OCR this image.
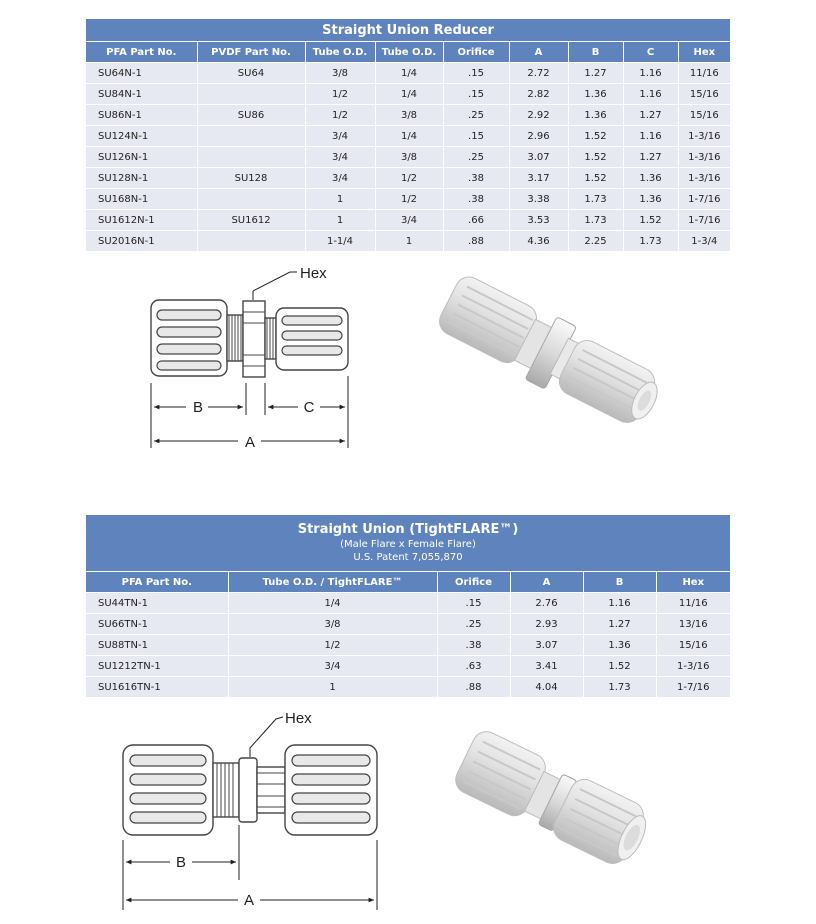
Straight Union Reducer								
PFA Part No.	PVDF Part No.	Tube O.D.	Tube O.D.	Orifice	A	B	C	Hex
SU64N-1	SU64	3/8	1/4	.15	2.72	1.27	1.16	11/16
SU84N-1		1/2	1/4	.15	2.82	1.36	1.16	15/16
SU86N-1	SU86	1/2	3/8	.25	2.92	1.36	1.27	15/16
SU124N-1		3/4	1/4	.15	2.96	1.52	1.16	1-3/16
SU126N-1		3/4	3/8	.25	3.07	1.52	1.27	1-3/16
SU128N-1	SU128	3/4	1/2	.38	3.17	1.52	1.36	1-3/16
SU168N-1		1	1/2	.38	3.38	1.73	1.36	1-7/16
SU1612N-1	SU1612	1	3/4	.66	3.53	1.73	1.52	1-7/16
SU2016N-1		1-1/4	1	.88	4.36	2.25	1.73	1-3/4
Straight Union (TightFLARE™)
(Male Flare x Female Flare)
U.S. Patent 7,055,870					

PFA Part No.	Tube O.D. / TightFLARE™	Orifice	A	B	Hex
SU44TN-1	1/4	.15	2.76	1.16	11/16
SU66TN-1	3/8	.25	2.93	1.27	13/16
SU88TN-1	1/2	.38	3.07	1.36	15/16
SU1212TN-1	3/4	.63	3.41	1.52	1-3/16
SU1616TN-1	1	.88	4.04	1.73	1-7/16
B	C
A
Hex
B
A
Hex
